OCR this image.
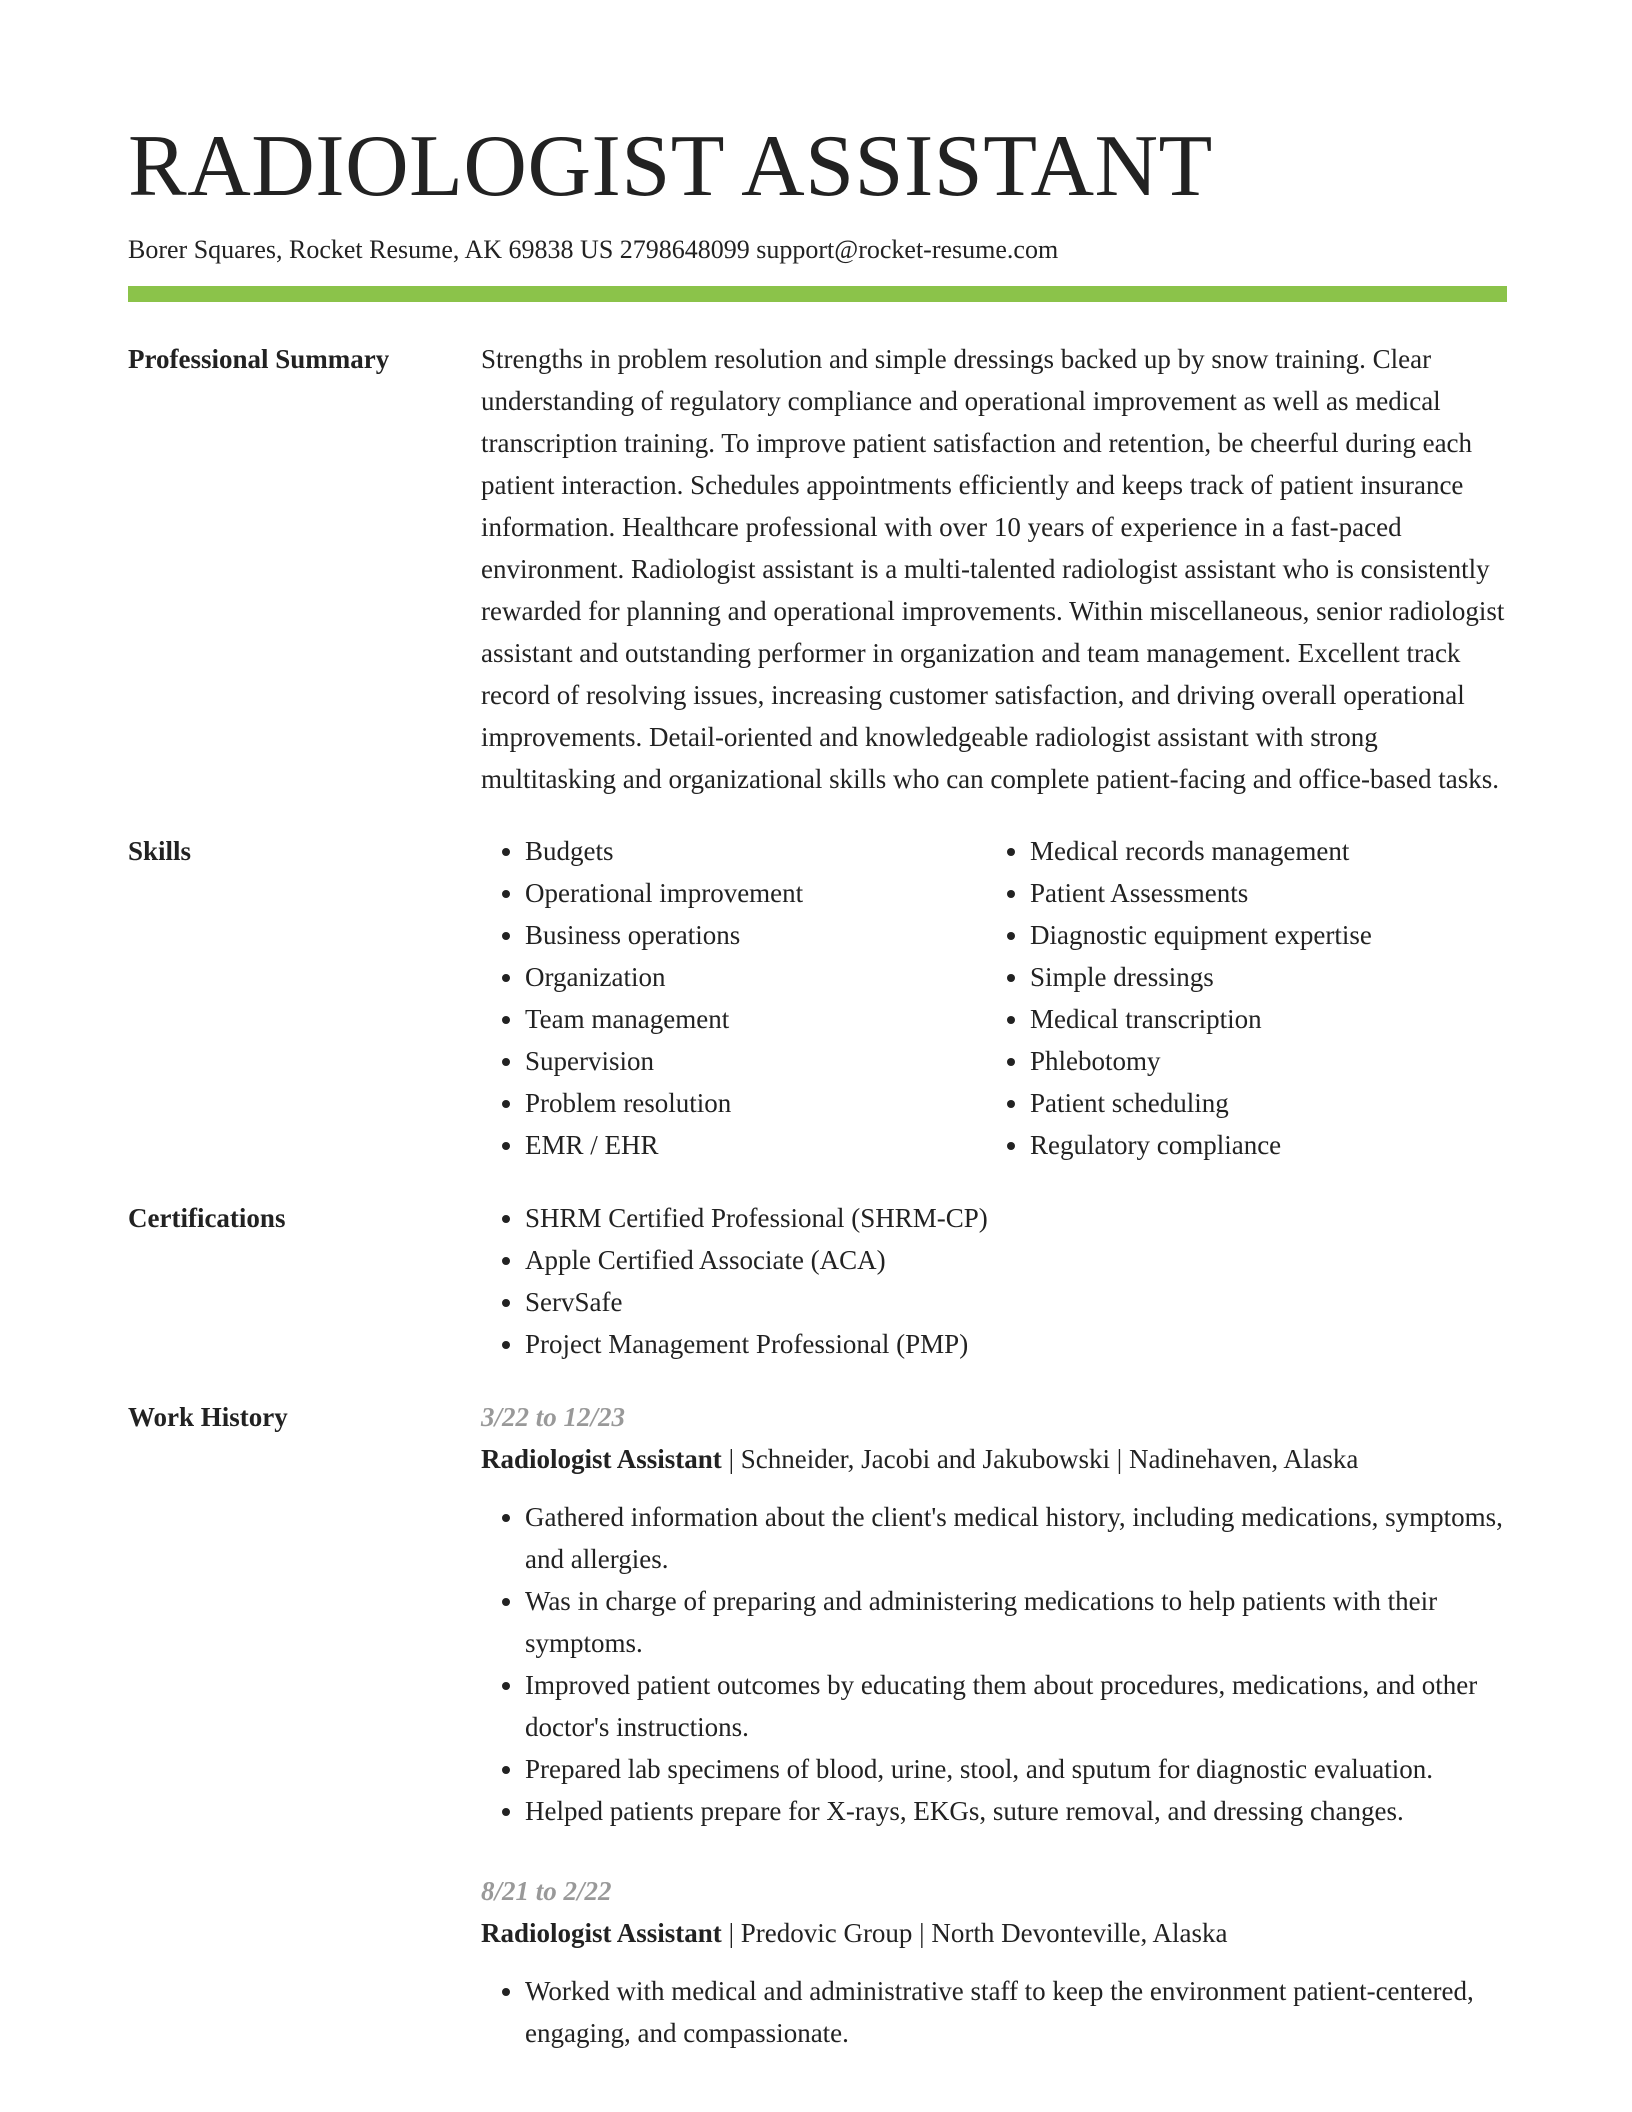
RADIOLOGIST ASSISTANT
Borer Squares, Rocket Resume, AK 69838 US 2798648099 support@rocket-resume.com
Professional Summary	Strengths in problem resolution and simple dressings backed up by snow training. Clear understanding of regulatory compliance and operational improvement as well as medical transcription training. To improve patient satisfaction and retention, be cheerful during each patient interaction. Schedules appointments efficiently and keeps track of patient insurance information. Healthcare professional with over 10 years of experience in a fast-paced environment. Radiologist assistant is a multi-talented radiologist assistant who is consistently rewarded for planning and operational improvements. Within miscellaneous, senior radiologist assistant and outstanding performer in organization and team management. Excellent track record of resolving issues, increasing customer satisfaction, and driving overall operational improvements. Detail-oriented and knowledgeable radiologist assistant with strong multitasking and organizational skills who can complete patient-facing and office-based tasks.

Skills	• Budgets
• Operational improvement
• Business operations
• Organization
• Team management
• Supervision
• Problem resolution
• EMR / EHR
• Medical records management
• Patient Assessments
• Diagnostic equipment expertise
• Simple dressings
• Medical transcription
• Phlebotomy
• Patient scheduling
• Regulatory compliance
Certifications	• SHRM Certified Professional (SHRM-CP)
• Apple Certified Associate (ACA)
• ServSafe
• Project Management Professional (PMP)
Work History	3/22 to 12/23
Radiologist Assistant | Schneider, Jacobi and Jakubowski | Nadinehaven, Alaska
• Gathered information about the client's medical history, including medications, symptoms, and allergies.
• Was in charge of preparing and administering medications to help patients with their symptoms.
• Improved patient outcomes by educating them about procedures, medications, and other doctor's instructions.
• Prepared lab specimens of blood, urine, stool, and sputum for diagnostic evaluation.
• Helped patients prepare for X-rays, EKGs, suture removal, and dressing changes.
8/21 to 2/22
Radiologist Assistant | Predovic Group | North Devonteville, Alaska
• Worked with medical and administrative staff to keep the environment patient-centered, engaging, and compassionate.
